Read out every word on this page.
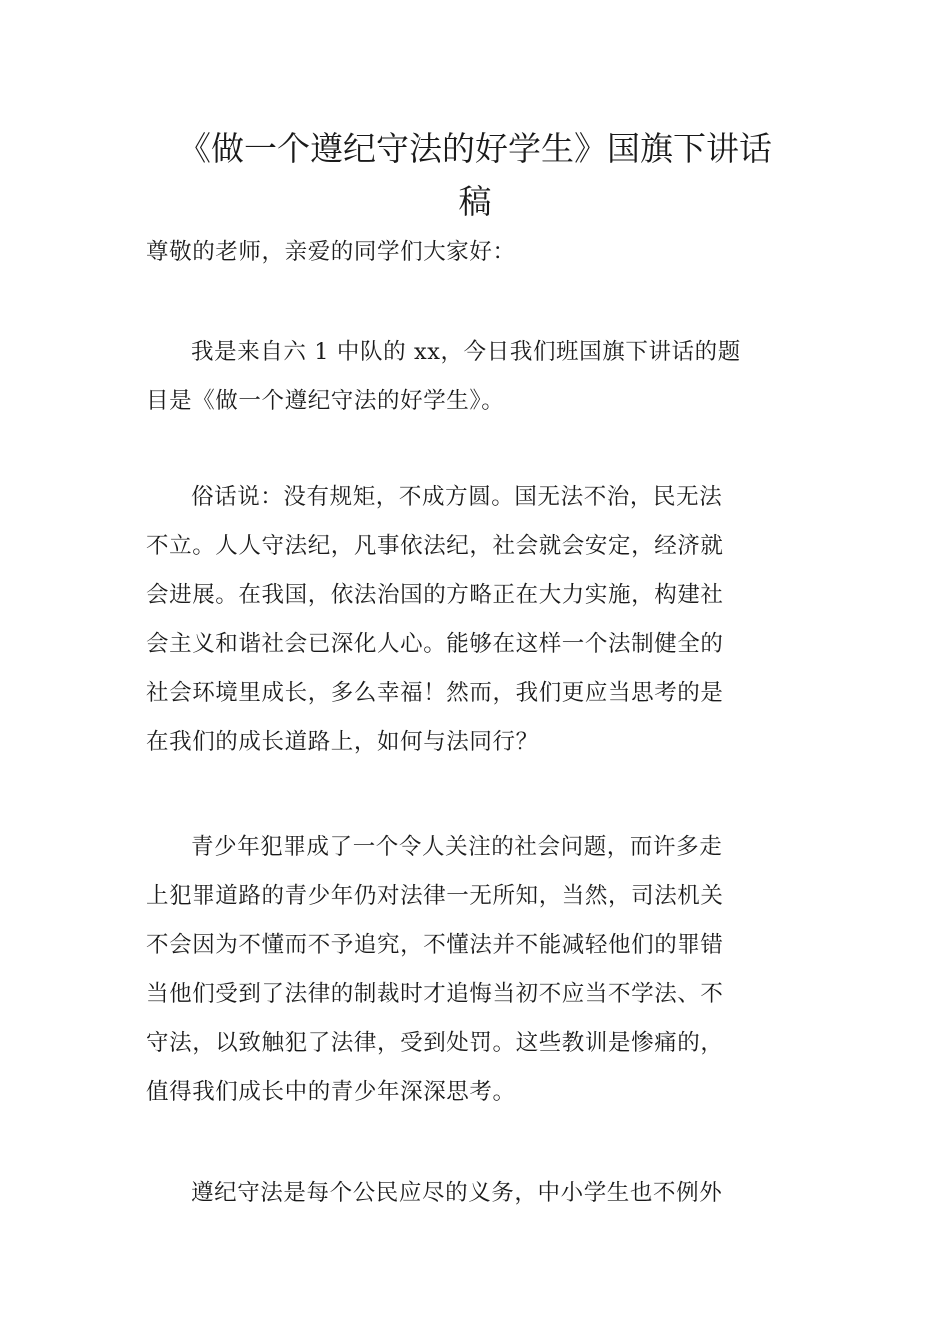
《做一个遵纪守法的好学生》国旗下讲话
稿

尊敬的老师，亲爱的同学们大家好：

我是来自六 1 中队的 xx，今日我们班国旗下讲话的题
目是《做一个遵纪守法的好学生》。

俗话说：没有规矩，不成方圆。国无法不治，民无法
不立。人人守法纪，凡事依法纪，社会就会安定，经济就
会进展。在我国，依法治国的方略正在大力实施，构建社
会主义和谐社会已深化人心。能够在这样一个法制健全的
社会环境里成长，多么幸福！然而，我们更应当思考的是
在我们的成长道路上，如何与法同行？

青少年犯罪成了一个令人关注的社会问题，而许多走
上犯罪道路的青少年仍对法律一无所知，当然，司法机关
不会因为不懂而不予追究，不懂法并不能减轻他们的罪错
当他们受到了法律的制裁时才追悔当初不应当不学法、不
守法，以致触犯了法律，受到处罚。这些教训是惨痛的，
值得我们成长中的青少年深深思考。

遵纪守法是每个公民应尽的义务，中小学生也不例外
